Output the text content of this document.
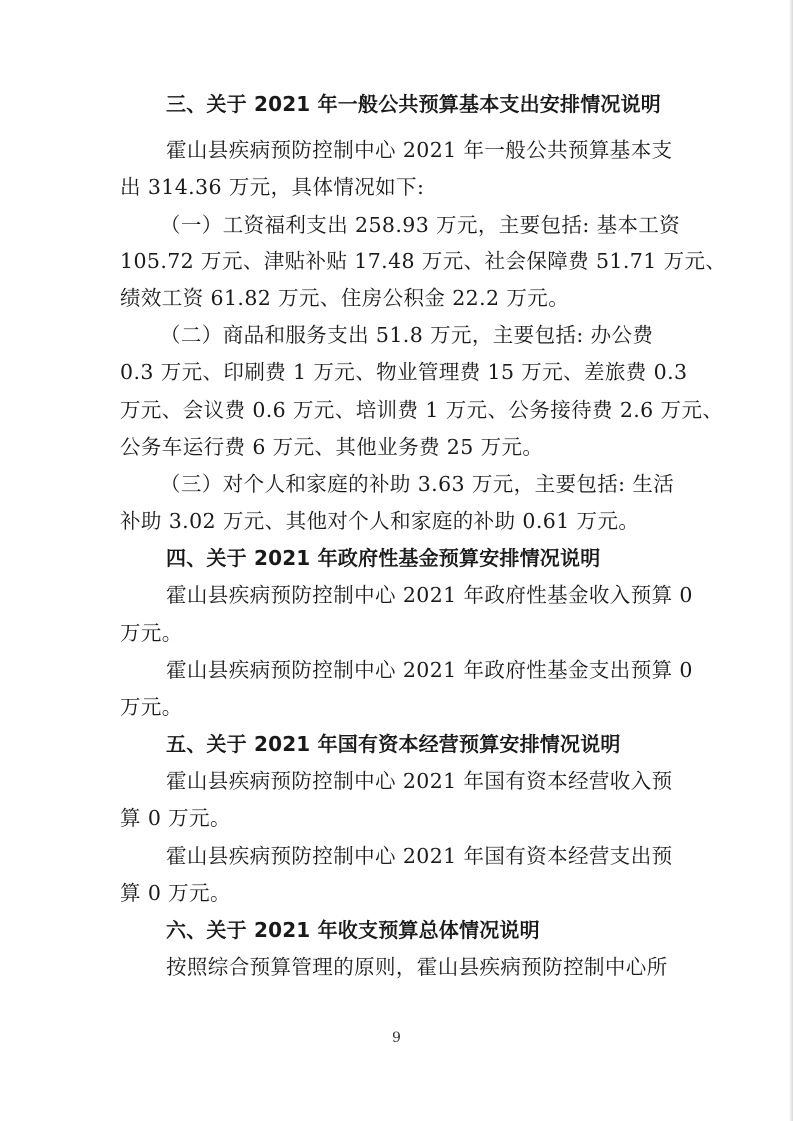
三、关于 2021 年一般公共预算基本支出安排情况说明
霍山县疾病预防控制中心 2021 年一般公共预算基本支
出 314.36 万元，具体情况如下:
（一）工资福利支出 258.93 万元，主要包括: 基本工资
105.72 万元、津贴补贴 17.48 万元、社会保障费 51.71 万元、
绩效工资 61.82 万元、住房公积金 22.2 万元。
（二）商品和服务支出 51.8 万元，主要包括: 办公费
0.3 万元、印刷费 1 万元、物业管理费 15 万元、差旅费 0.3
万元、会议费 0.6 万元、培训费 1 万元、公务接待费 2.6 万元、
公务车运行费 6 万元、其他业务费 25 万元。
（三）对个人和家庭的补助 3.63 万元，主要包括: 生活
补助 3.02 万元、其他对个人和家庭的补助 0.61 万元。
四、关于 2021 年政府性基金预算安排情况说明
霍山县疾病预防控制中心 2021 年政府性基金收入预算 0
万元。
霍山县疾病预防控制中心 2021 年政府性基金支出预算 0
万元。
五、关于 2021 年国有资本经营预算安排情况说明
霍山县疾病预防控制中心 2021 年国有资本经营收入预
算 0 万元。
霍山县疾病预防控制中心 2021 年国有资本经营支出预
算 0 万元。
六、关于 2021 年收支预算总体情况说明
按照综合预算管理的原则，霍山县疾病预防控制中心所
9
